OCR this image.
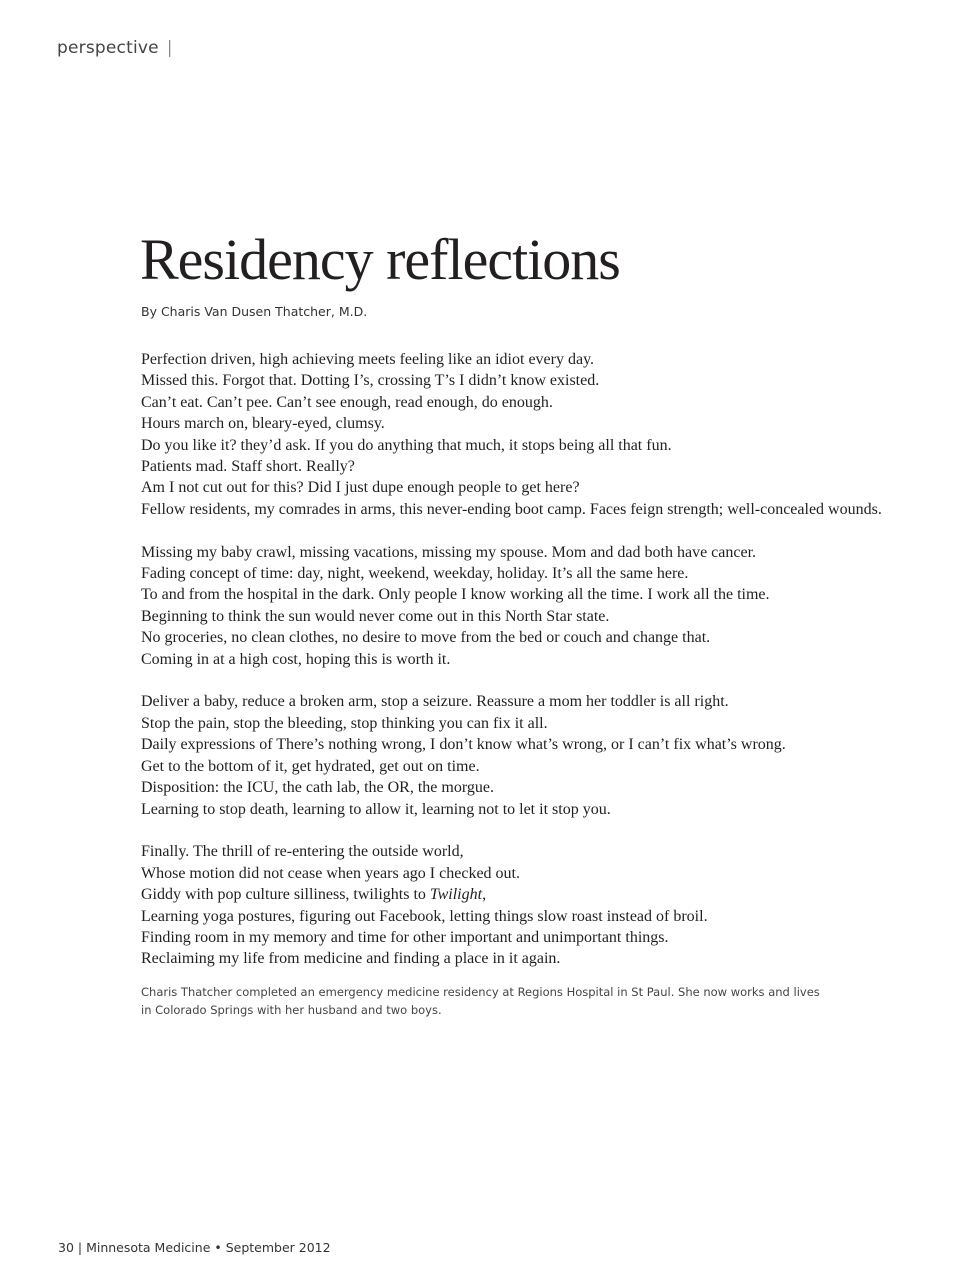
perspective |
Residency reflections
By Charis Van Dusen Thatcher, M.D.
Perfection driven, high achieving meets feeling like an idiot every day.
Missed this. Forgot that. Dotting I’s, crossing T’s I didn’t know existed.
Can’t eat. Can’t pee. Can’t see enough, read enough, do enough.
Hours march on, bleary-eyed, clumsy.
Do you like it? they’d ask. If you do anything that much, it stops being all that fun.
Patients mad. Staff short. Really?
Am I not cut out for this? Did I just dupe enough people to get here?
Fellow residents, my comrades in arms, this never-ending boot camp. Faces feign strength; well-concealed wounds.
Missing my baby crawl, missing vacations, missing my spouse. Mom and dad both have cancer.
Fading concept of time: day, night, weekend, weekday, holiday. It’s all the same here.
To and from the hospital in the dark. Only people I know working all the time. I work all the time.
Beginning to think the sun would never come out in this North Star state.
No groceries, no clean clothes, no desire to move from the bed or couch and change that.
Coming in at a high cost, hoping this is worth it.
Deliver a baby, reduce a broken arm, stop a seizure. Reassure a mom her toddler is all right.
Stop the pain, stop the bleeding, stop thinking you can fix it all.
Daily expressions of There’s nothing wrong, I don’t know what’s wrong, or I can’t fix what’s wrong.
Get to the bottom of it, get hydrated, get out on time.
Disposition: the ICU, the cath lab, the OR, the morgue.
Learning to stop death, learning to allow it, learning not to let it stop you.
Finally. The thrill of re-entering the outside world,
Whose motion did not cease when years ago I checked out.
Giddy with pop culture silliness, twilights to Twilight,
Learning yoga postures, figuring out Facebook, letting things slow roast instead of broil.
Finding room in my memory and time for other important and unimportant things.
Reclaiming my life from medicine and finding a place in it again.
Charis Thatcher completed an emergency medicine residency at Regions Hospital in St Paul. She now works and lives in Colorado Springs with her husband and two boys.
30 | Minnesota Medicine • September 2012
